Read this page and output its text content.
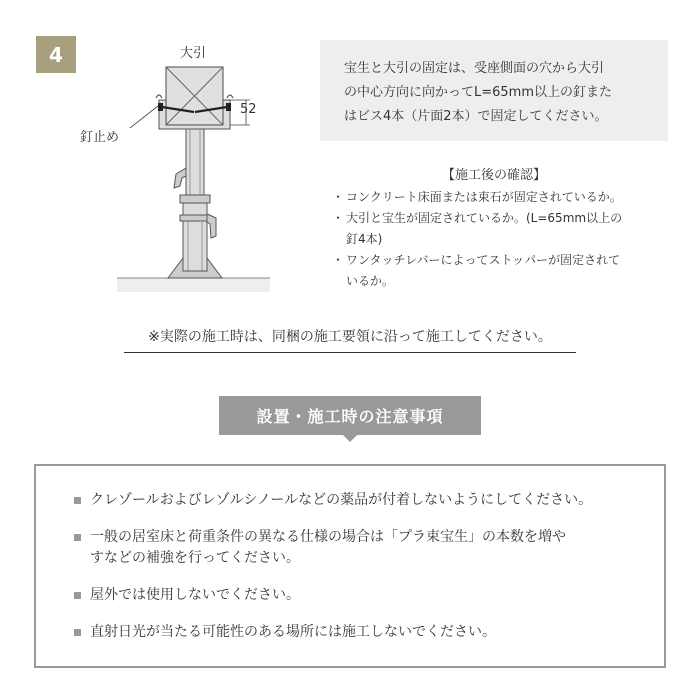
4	大引
釘止め
52
宝生と大引の固定は、受座側面の穴から大引
の中心方向に向かってL=65mm以上の釘また
はビス4本（片面2本）で固定してください。
【施工後の確認】
・ コンクリート床面または束石が固定されているか。
・ 大引と宝生が固定されているか。(L=65mm以上の
釘4本)
・ ワンタッチレバーによってストッパーが固定されて
いるか。
※実際の施工時は、同梱の施工要領に沿って施工してください。
設置・施工時の注意事項
クレゾールおよびレゾルシノールなどの薬品が付着しないようにしてください。
一般の居室床と荷重条件の異なる仕様の場合は「プラ束宝生」の本数を増や
すなどの補強を行ってください。
屋外では使用しないでください。
直射日光が当たる可能性のある場所には施工しないでください。
